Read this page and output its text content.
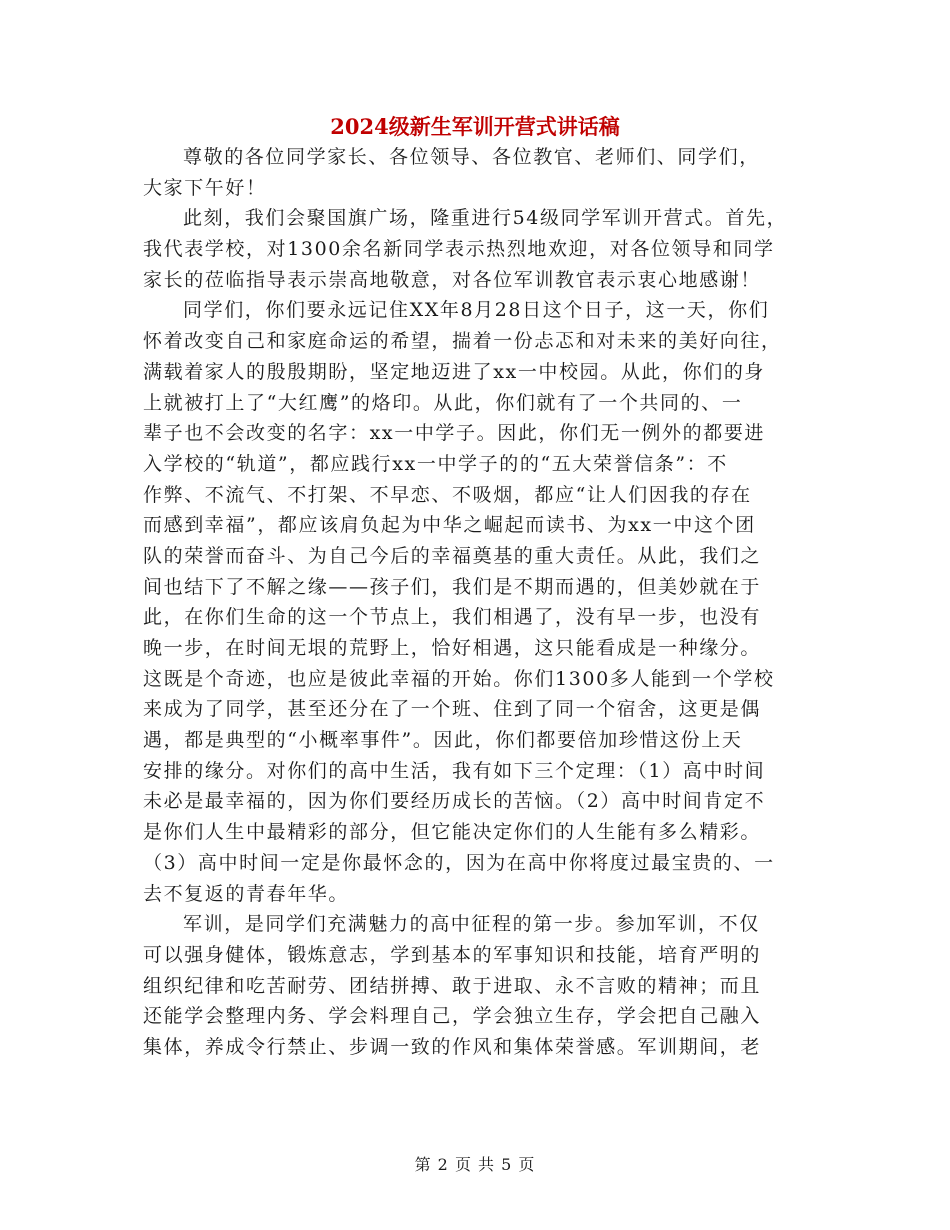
2024级新生军训开营式讲话稿
尊敬的各位同学家长、各位领导、各位教官、老师们、同学们，
大家下午好！
此刻，我们会聚国旗广场，隆重进行54级同学军训开营式。首先，
我代表学校，对1300余名新同学表示热烈地欢迎，对各位领导和同学
家长的莅临指导表示崇高地敬意，对各位军训教官表示衷心地感谢！
同学们，你们要永远记住XX年8月28日这个日子，这一天，你们
怀着改变自己和家庭命运的希望，揣着一份忐忑和对未来的美好向往，
满载着家人的殷殷期盼，坚定地迈进了xx一中校园。从此，你们的身
上就被打上了“大红鹰”的烙印。从此，你们就有了一个共同的、一
辈子也不会改变的名字：xx一中学子。因此，你们无一例外的都要进
入学校的“轨道”，都应践行xx一中学子的的“五大荣誉信条”：不
作弊、不流气、不打架、不早恋、不吸烟，都应“让人们因我的存在
而感到幸福”，都应该肩负起为中华之崛起而读书、为xx一中这个团
队的荣誉而奋斗、为自己今后的幸福奠基的重大责任。从此，我们之
间也结下了不解之缘——孩子们，我们是不期而遇的，但美妙就在于
此，在你们生命的这一个节点上，我们相遇了，没有早一步，也没有
晚一步，在时间无垠的荒野上，恰好相遇，这只能看成是一种缘分。
这既是个奇迹，也应是彼此幸福的开始。你们1300多人能到一个学校
来成为了同学，甚至还分在了一个班、住到了同一个宿舍，这更是偶
遇，都是典型的“小概率事件”。因此，你们都要倍加珍惜这份上天
安排的缘分。对你们的高中生活，我有如下三个定理：（1）高中时间
未必是最幸福的，因为你们要经历成长的苦恼。（2）高中时间肯定不
是你们人生中最精彩的部分，但它能决定你们的人生能有多么精彩。
（3）高中时间一定是你最怀念的，因为在高中你将度过最宝贵的、一
去不复返的青春年华。
军训，是同学们充满魅力的高中征程的第一步。参加军训，不仅
可以强身健体，锻炼意志，学到基本的军事知识和技能，培育严明的
组织纪律和吃苦耐劳、团结拼搏、敢于进取、永不言败的精神；而且
还能学会整理内务、学会料理自己，学会独立生存，学会把自己融入
集体，养成令行禁止、步调一致的作风和集体荣誉感。军训期间，老
第 2 页 共 5 页
